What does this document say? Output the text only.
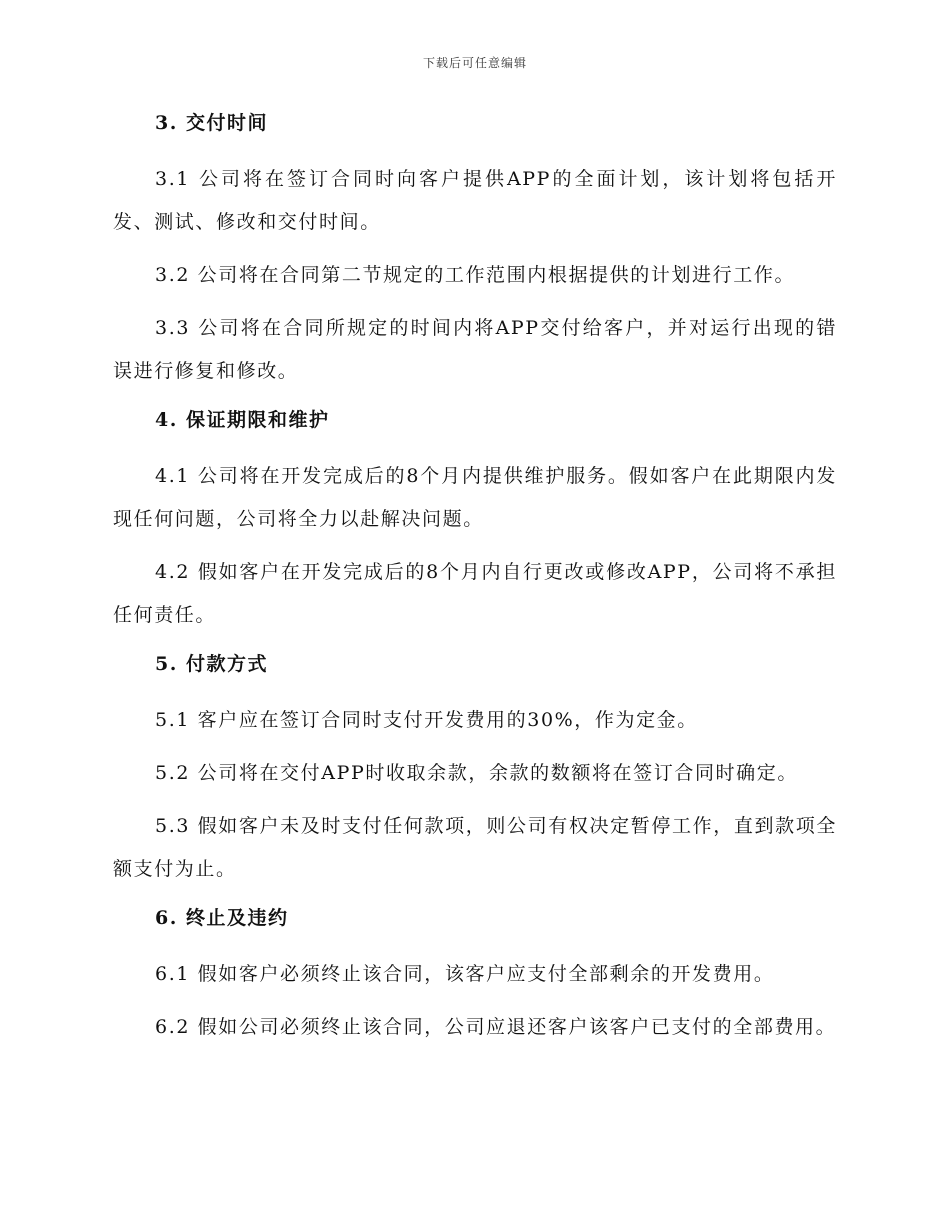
下载后可任意编辑
3. 交付时间

3.1 公司将在签订合同时向客户提供APP的全面计划，该计划将包括开发、测试、修改和交付时间。

3.2 公司将在合同第二节规定的工作范围内根据提供的计划进行工作。

3.3 公司将在合同所规定的时间内将APP交付给客户，并对运行出现的错误进行修复和修改。

4. 保证期限和维护

4.1 公司将在开发完成后的8个月内提供维护服务。假如客户在此期限内发现任何问题，公司将全力以赴解决问题。

4.2 假如客户在开发完成后的8个月内自行更改或修改APP，公司将不承担任何责任。

5. 付款方式

5.1 客户应在签订合同时支付开发费用的30%，作为定金。

5.2 公司将在交付APP时收取余款，余款的数额将在签订合同时确定。

5.3 假如客户未及时支付任何款项，则公司有权决定暂停工作，直到款项全额支付为止。

6. 终止及违约

6.1 假如客户必须终止该合同，该客户应支付全部剩余的开发费用。

6.2 假如公司必须终止该合同，公司应退还客户该客户已支付的全部费用。
